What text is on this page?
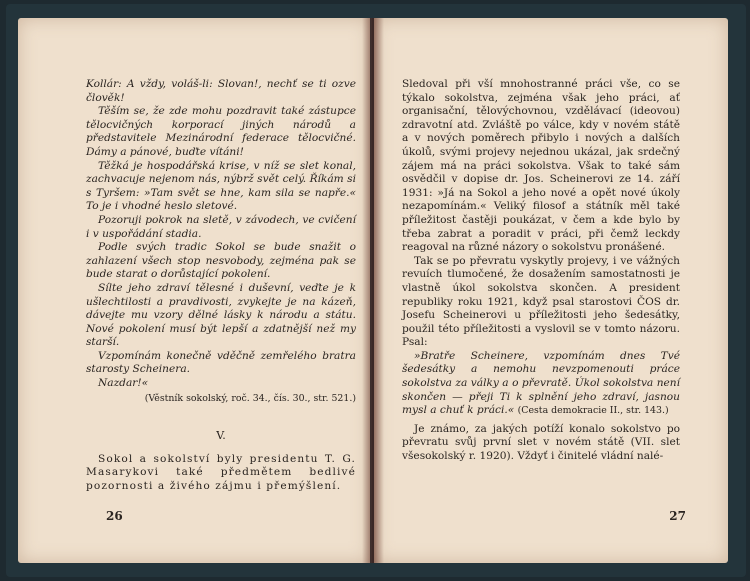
Kollár: A vždy, voláš-li: Slovan!, nechť se ti ozve člověk!

Těším se, že zde mohu pozdravit také zástupce tělocvičných korporací jiných národů a představitele Mezinárodní federace tělocvičné. Dámy a pánové, buďte vítáni!

Těžká je hospodářská krise, v níž se slet konal, zachvacuje nejenom nás, nýbrž svět celý. Říkám si s Tyršem: »Tam svět se hne, kam sila se napře.« To je i vhodné heslo sletové.

Pozoruji pokrok na sletě, v závodech, ve cvičení i v uspořádání stadia.

Podle svých tradic Sokol se bude snažit o zahlazení všech stop nesvobody, zejména pak se bude starat o dorůstající pokolení.

Sílte jeho zdraví tělesné i duševní, veďte je k ušlechtilosti a pravdivosti, zvykejte je na kázeň, dávejte mu vzory dělné lásky k národu a státu. Nové pokolení musí být lepší a zdatnější než my starší.

Vzpomínám konečně vděčně zemřelého bratra starosty Scheinera.

Nazdar!«

(Věstník sokolský, roč. 34., čís. 30., str. 521.)

V.

Sokol a sokolství byly presidentu T. G. Masarykovi také předmětem bedlivé pozornosti a živého zájmu i přemýšlení.

26

Sledoval při vší mnohostranné práci vše, co se týkalo sokolstva, zejména však jeho práci, ať organisační, tělovýchovnou, vzdělávací (ideovou) zdravotní atd. Zvláště po válce, kdy v novém státě a v nových poměrech přibylo i nových a dalších úkolů, svými projevy nejednou ukázal, jak srdečný zájem má na práci sokolstva. Však to také sám osvědčil v dopise dr. Jos. Scheinerovi ze 14. září 1931: »Já na Sokol a jeho nové a opět nové úkoly nezapomínám.« Veliký filosof a státník měl také příležitost častěji poukázat, v čem a kde bylo by třeba zabrat a poradit v práci, při čemž leckdy reagoval na různé názory o sokolstvu pronášené.

Tak se po převratu vyskytly projevy, i ve vážných revuích tlumočené, že dosažením samostatnosti je vlastně úkol sokolstva skončen. A president republiky roku 1921, když psal starostovi ČOS dr. Josefu Scheinerovi u příležitosti jeho šedesátky, použil této příležitosti a vyslovil se v tomto názoru. Psal:

»Bratře Scheinere, vzpomínám dnes Tvé šedesátky a nemohu nevzpomenouti práce sokolstva za války a o převratě. Úkol sokolstva není skončen — přeji Ti k splnění jeho zdraví, jasnou mysl a chuť k práci.« (Cesta demokracie II., str. 143.)

Je známo, za jakých potíží konalo sokolstvo po převratu svůj první slet v novém státě (VII. slet všesokolský r. 1920). Vždyť i činitelé vládní nalé-

27
